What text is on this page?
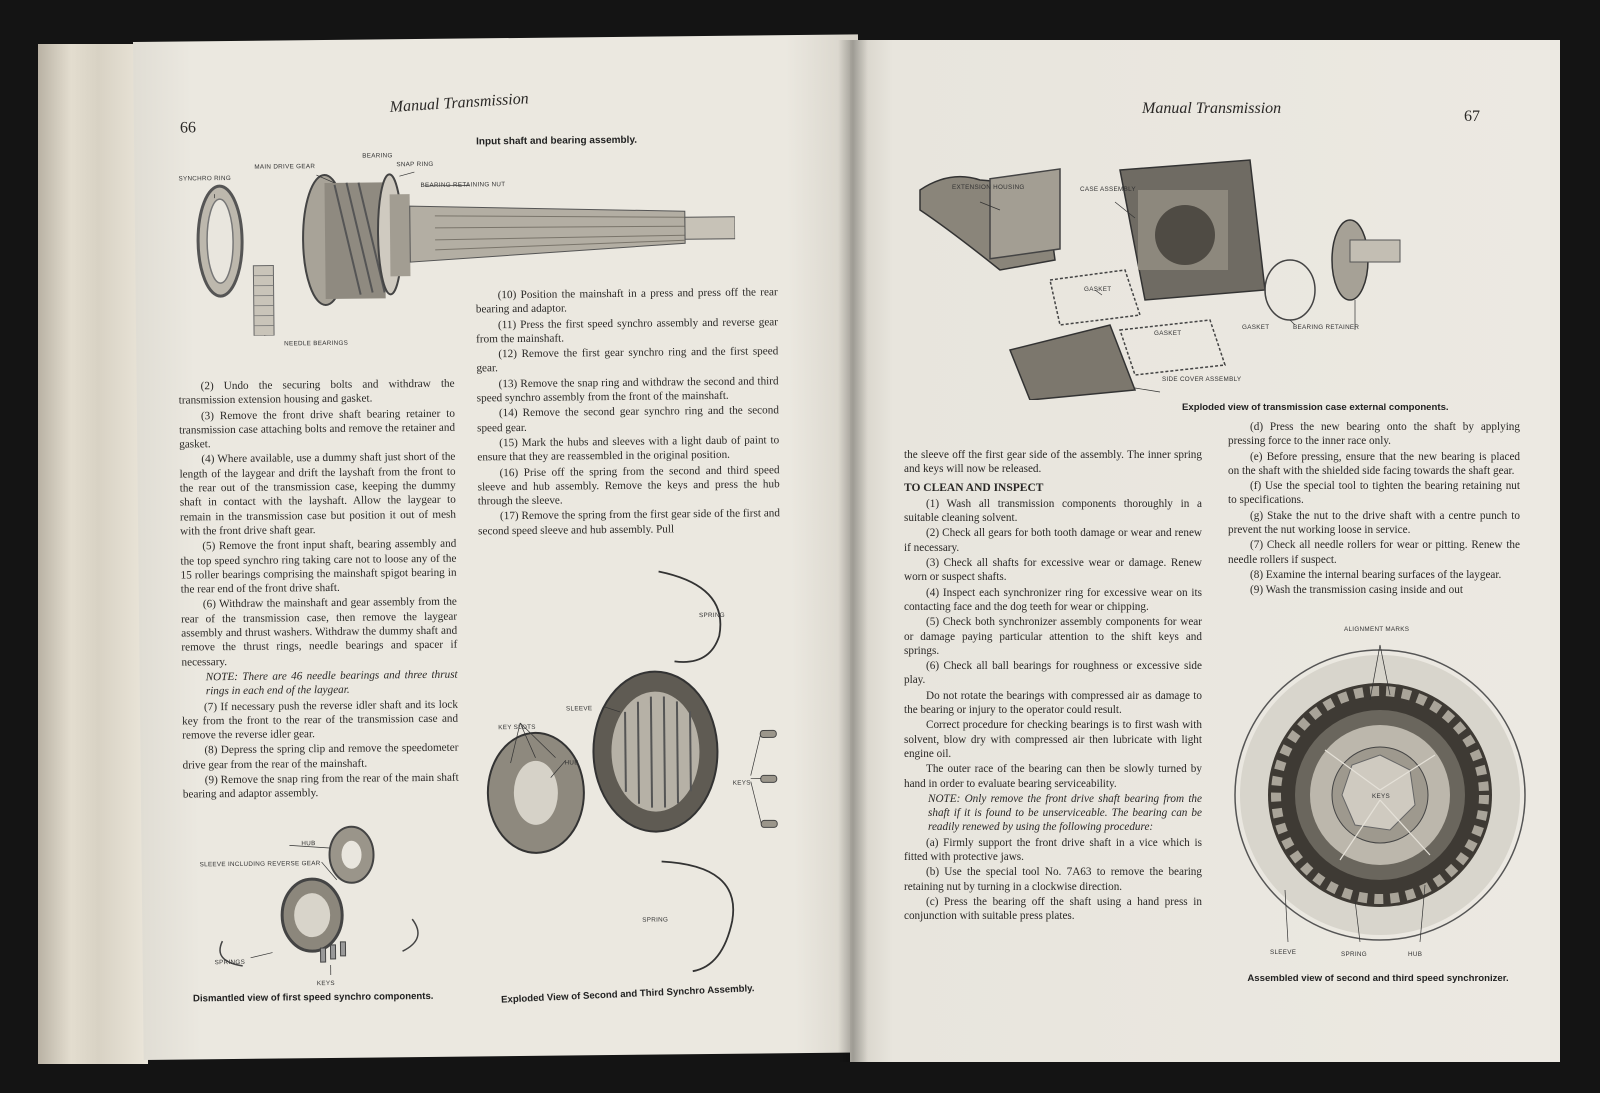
Manual Transmission
66
SYNCHRO RING
MAIN DRIVE GEAR
BEARING
SNAP RING
BEARING RETAINING NUT
NEEDLE BEARINGS
Input shaft and bearing assembly.

(2) Undo the securing bolts and withdraw the transmission extension housing and gasket.

(3) Remove the front drive shaft bearing retainer to transmission case attaching bolts and remove the retainer and gasket.

(4) Where available, use a dummy shaft just short of the length of the laygear and drift the layshaft from the front to the rear out of the transmission case, keeping the dummy shaft in contact with the layshaft. Allow the laygear to remain in the transmission case but position it out of mesh with the front drive shaft gear.

(5) Remove the front input shaft, bearing assembly and the top speed synchro ring taking care not to loose any of the 15 roller bearings comprising the mainshaft spigot bearing in the rear end of the front drive shaft.

(6) Withdraw the mainshaft and gear assembly from the rear of the transmission case, then remove the laygear assembly and thrust washers. Withdraw the dummy shaft and remove the thrust rings, needle bearings and spacer if necessary.

NOTE: There are 46 needle bearings and three thrust rings in each end of the laygear.

(7) If necessary push the reverse idler shaft and its lock key from the front to the rear of the transmission case and remove the reverse idler gear.

(8) Depress the spring clip and remove the speedometer drive gear from the rear of the mainshaft.

(9) Remove the snap ring from the rear of the main shaft bearing and adaptor assembly.

(10) Position the mainshaft in a press and press off the rear bearing and adaptor.

(11) Press the first speed synchro assembly and reverse gear from the mainshaft.

(12) Remove the first gear synchro ring and the first speed gear.

(13) Remove the snap ring and withdraw the second and third speed synchro assembly from the front of the mainshaft.

(14) Remove the second gear synchro ring and the second speed gear.

(15) Mark the hubs and sleeves with a light daub of paint to ensure that they are reassembled in the original position.

(16) Prise off the spring from the second and third speed sleeve and hub assembly. Remove the keys and press the hub through the sleeve.

(17) Remove the spring from the first gear side of the first and second speed sleeve and hub assembly. Pull

HUB
SLEEVE INCLUDING REVERSE GEAR
SPRINGS
KEYS
Dismantled view of first speed synchro components.
SPRING
SLEEVE
KEY SLOTS
HUB
KEYS
SPRING
Exploded View of Second and Third Synchro Assembly.
Manual Transmission	67
EXTENSION HOUSING	CASE ASSEMBLY
GASKET
GASKET
GASKET	BEARING RETAINER
SIDE COVER ASSEMBLY
Exploded view of transmission case external components.

the sleeve off the first gear side of the assembly. The inner spring and keys will now be released.

TO CLEAN AND INSPECT

(1) Wash all transmission components thoroughly in a suitable cleaning solvent.

(2) Check all gears for both tooth damage or wear and renew if necessary.

(3) Check all shafts for excessive wear or damage. Renew worn or suspect shafts.

(4) Inspect each synchronizer ring for excessive wear on its contacting face and the dog teeth for wear or chipping.

(5) Check both synchronizer assembly components for wear or damage paying particular attention to the shift keys and springs.

(6) Check all ball bearings for roughness or excessive side play.

Do not rotate the bearings with compressed air as damage to the bearing or injury to the operator could result.

Correct procedure for checking bearings is to first wash with solvent, blow dry with compressed air then lubricate with light engine oil.

The outer race of the bearing can then be slowly turned by hand in order to evaluate bearing serviceability.

NOTE: Only remove the front drive shaft bearing from the shaft if it is found to be unserviceable. The bearing can be readily renewed by using the following procedure:

(a) Firmly support the front drive shaft in a vice which is fitted with protective jaws.

(b) Use the special tool No. 7A63 to remove the bearing retaining nut by turning in a clockwise direction.

(c) Press the bearing off the shaft using a hand press in conjunction with suitable press plates.

(d) Press the new bearing onto the shaft by applying pressing force to the inner race only.

(e) Before pressing, ensure that the new bearing is placed on the shaft with the shielded side facing towards the shaft gear.

(f) Use the special tool to tighten the bearing retaining nut to specifications.

(g) Stake the nut to the drive shaft with a centre punch to prevent the nut working loose in service.

(7) Check all needle rollers for wear or pitting. Renew the needle rollers if suspect.

(8) Examine the internal bearing surfaces of the laygear.

(9) Wash the transmission casing inside and out

ALIGNMENT MARKS
KEYS
SLEEVE	SPRING	HUB
Assembled view of second and third speed synchronizer.
